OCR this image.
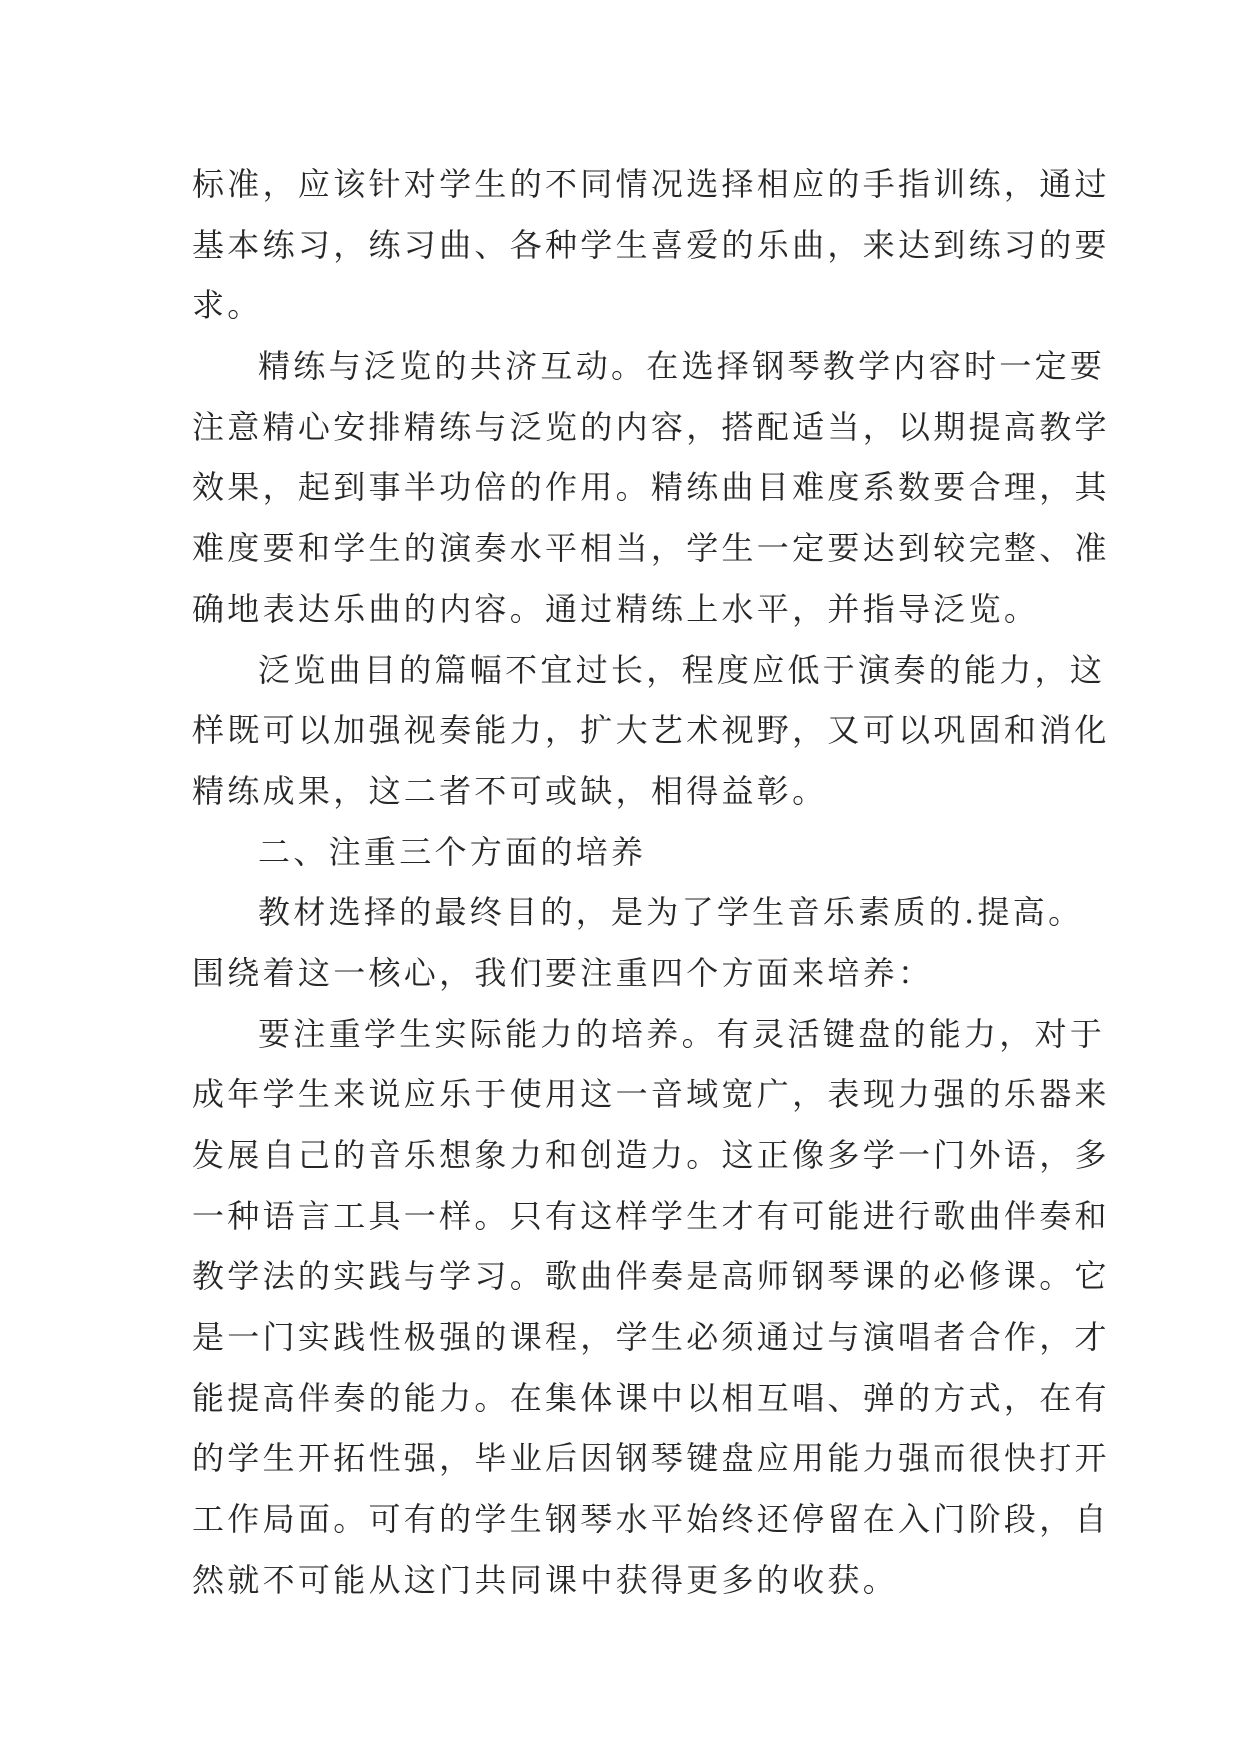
标准，应该针对学生的不同情况选择相应的手指训练，通过
基本练习，练习曲、各种学生喜爱的乐曲，来达到练习的要
求。
精练与泛览的共济互动。在选择钢琴教学内容时一定要
注意精心安排精练与泛览的内容，搭配适当，以期提高教学
效果，起到事半功倍的作用。精练曲目难度系数要合理，其
难度要和学生的演奏水平相当，学生一定要达到较完整、准
确地表达乐曲的内容。通过精练上水平，并指导泛览。
泛览曲目的篇幅不宜过长，程度应低于演奏的能力，这
样既可以加强视奏能力，扩大艺术视野，又可以巩固和消化
精练成果，这二者不可或缺，相得益彰。
二、注重三个方面的培养
教材选择的最终目的，是为了学生音乐素质的.提高。
围绕着这一核心，我们要注重四个方面来培养：
要注重学生实际能力的培养。有灵活键盘的能力，对于
成年学生来说应乐于使用这一音域宽广，表现力强的乐器来
发展自己的音乐想象力和创造力。这正像多学一门外语，多
一种语言工具一样。只有这样学生才有可能进行歌曲伴奏和
教学法的实践与学习。歌曲伴奏是高师钢琴课的必修课。它
是一门实践性极强的课程，学生必须通过与演唱者合作，才
能提高伴奏的能力。在集体课中以相互唱、弹的方式，在有
的学生开拓性强，毕业后因钢琴键盘应用能力强而很快打开
工作局面。可有的学生钢琴水平始终还停留在入门阶段，自
然就不可能从这门共同课中获得更多的收获。
